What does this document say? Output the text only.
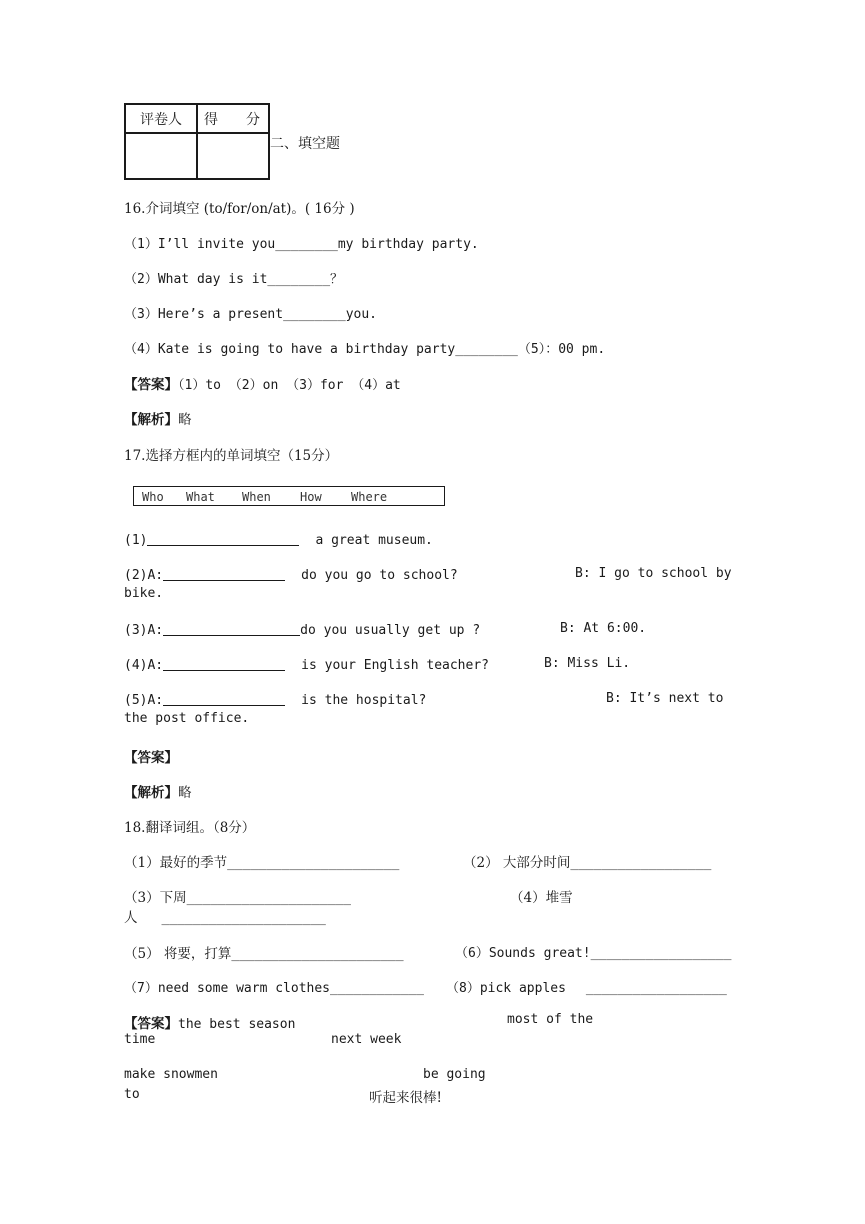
评卷人	得　　分

二、填空题
16.介词填空 (to/for/on/at)。( 16分 )
（1）I’ll invite you________my birthday party.
（2）What day is it________？
（3）Here’s a present________you.
（4）Kate is going to have a birthday party________（5）：00 pm.
【答案】（1）to （2）on （3）for （4）at
【解析】略
17.选择方框内的单词填空（15分）
Who What When How Where
(1)	a great museum.
(2)A:	do you go to school?	B: I go to school by
bike.
(3)A:	do you usually get up ?	B: At 6:00.
(4)A:	is your English teacher?	B: Miss Li.
(5)A:	is the hospital?	B: It’s next to
the post office.
【答案】
【解析】略
18.翻译词组。（8分）
（1）最好的季节______________________	（2） 大部分时间__________________
（3）下周_____________________	（4）堆雪
人 _____________________
（5） 将要，打算______________________	（6）Sounds great!__________________
（7）need some warm clothes____________ （8）pick apples __________________
【答案】the best season	most of the
time	next week
make snowmen	be going
to	听起来很棒!
